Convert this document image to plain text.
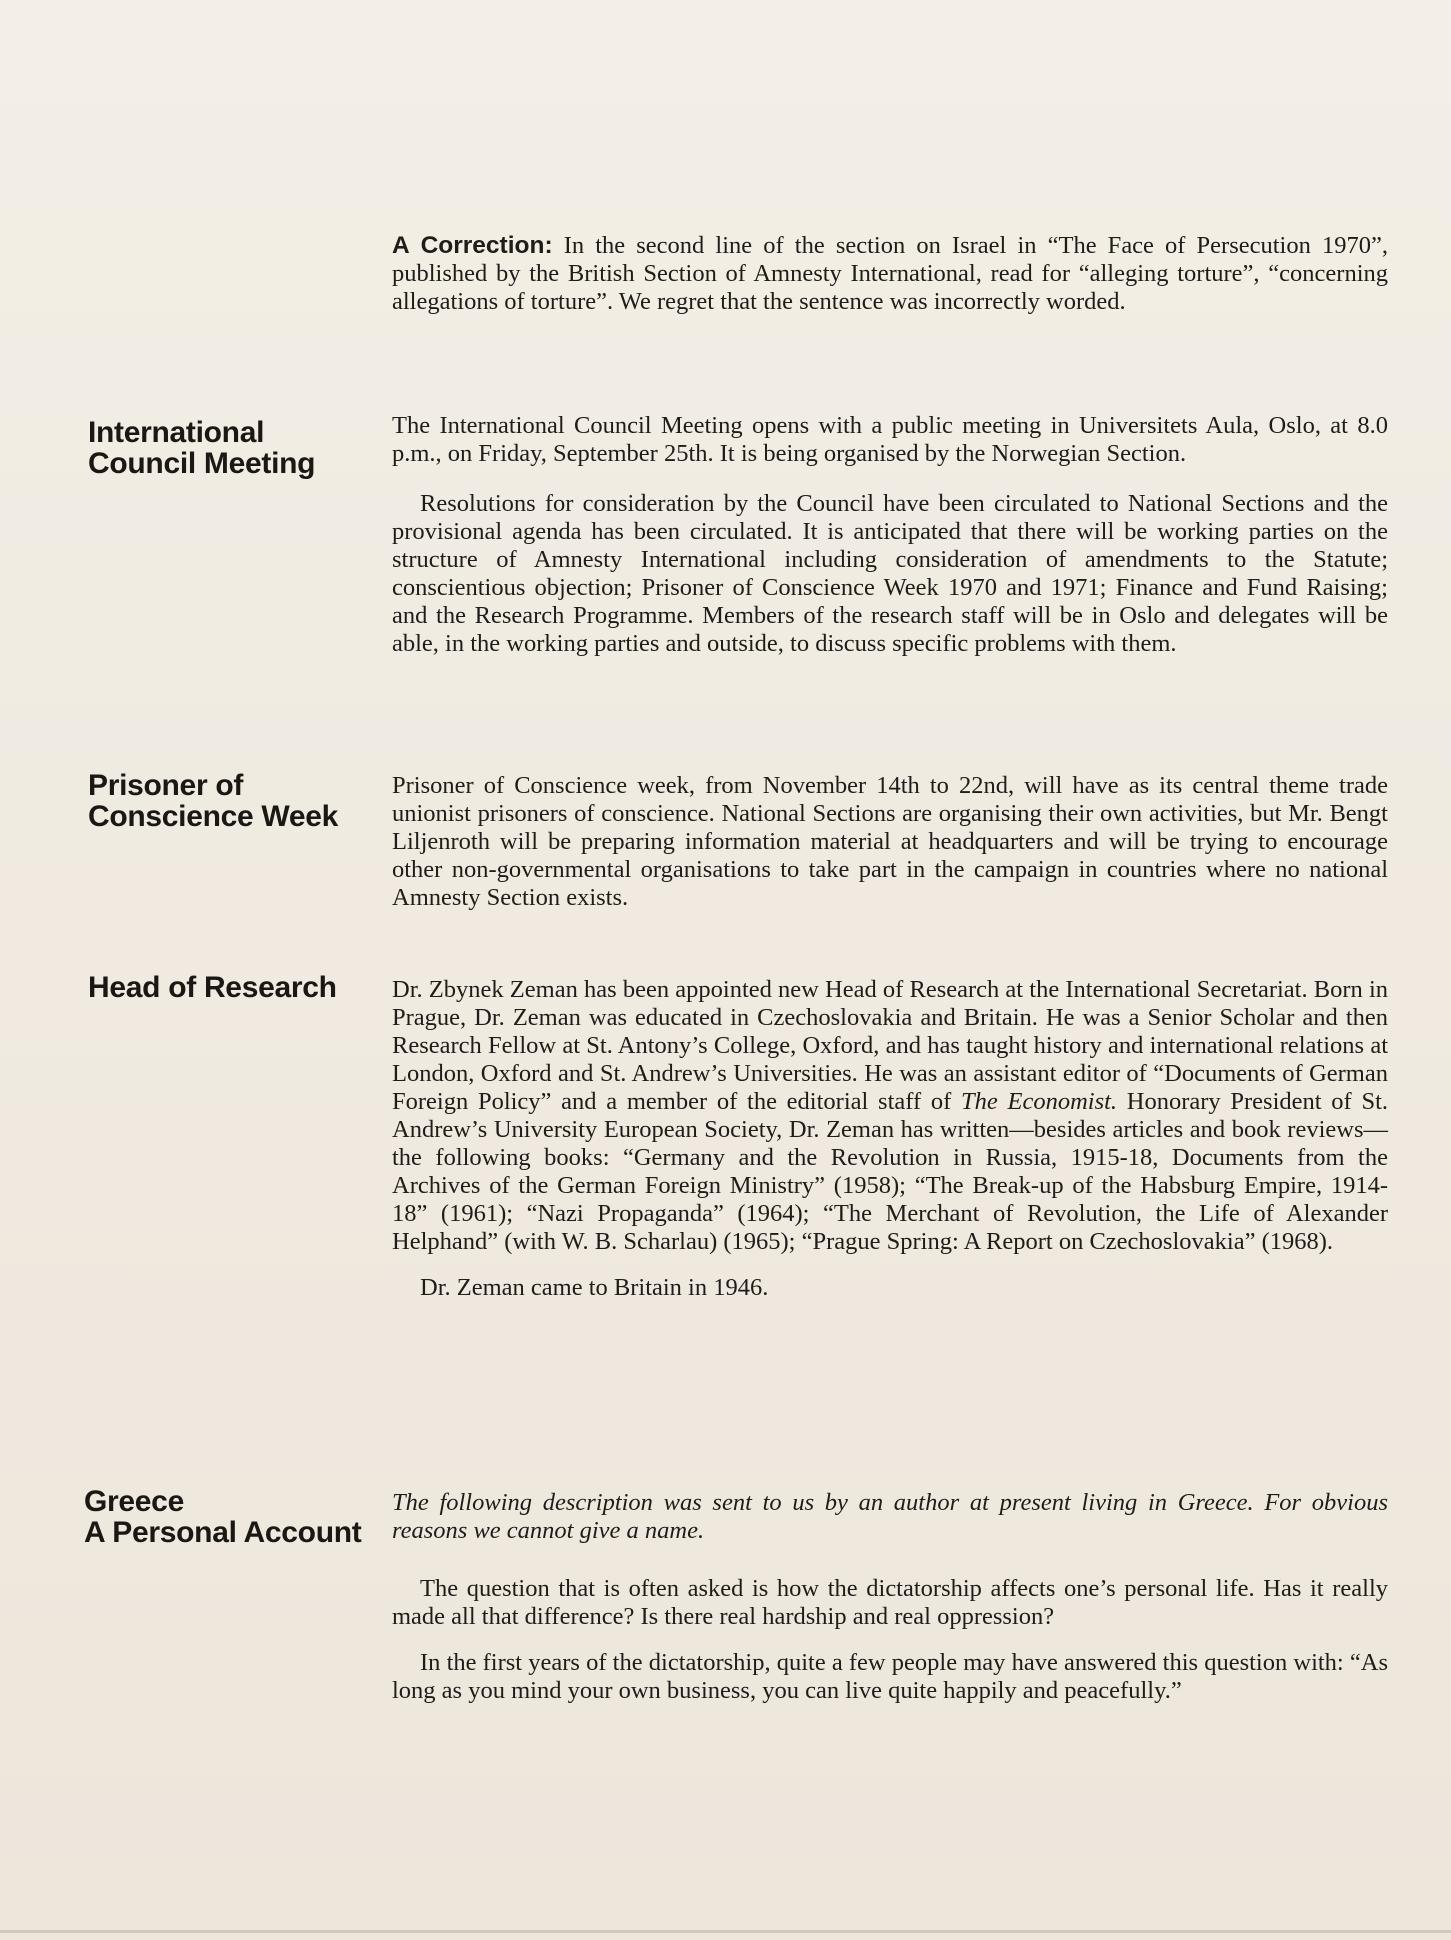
A Correction: In the second line of the section on Israel in “The Face of Persecution 1970”, published by the British Section of Amnesty International, read for “alleging torture”, “concerning allegations of torture”. We regret that the sentence was incorrectly worded.

International
Council Meeting

The International Council Meeting opens with a public meeting in Universitets Aula, Oslo, at 8.0 p.m., on Friday, September 25th. It is being organised by the Norwegian Section.

Resolutions for consideration by the Council have been circulated to National Sections and the provisional agenda has been circulated. It is anticipated that there will be working parties on the structure of Amnesty International including consideration of amendments to the Statute; conscientious objection; Prisoner of Conscience Week 1970 and 1971; Finance and Fund Raising; and the Research Programme. Members of the research staff will be in Oslo and delegates will be able, in the working parties and outside, to discuss specific problems with them.

Prisoner of
Conscience Week

Prisoner of Conscience week, from November 14th to 22nd, will have as its central theme trade unionist prisoners of conscience. National Sections are organising their own activities, but Mr. Bengt Liljenroth will be preparing information material at headquarters and will be trying to encourage other non-governmental organisations to take part in the campaign in countries where no national Amnesty Section exists.

Head of Research	Dr. Zbynek Zeman has been appointed new Head of Research at the International Secretariat. Born in Prague, Dr. Zeman was educated in Czechoslovakia and Britain. He was a Senior Scholar and then Research Fellow at St. Antony’s College, Oxford, and has taught history and international relations at London, Oxford and St. Andrew’s Universities. He was an assistant editor of “Documents of German Foreign Policy” and a member of the editorial staff of The Economist. Honorary President of St. Andrew’s University European Society, Dr. Zeman has written—besides articles and book reviews—the following books: “Germany and the Revolution in Russia, 1915-18, Documents from the Archives of the German Foreign Ministry” (1958); “The Break-up of the Habsburg Empire, 1914-18” (1961); “Nazi Propaganda” (1964); “The Merchant of Revolution, the Life of Alexander Helphand” (with W. B. Scharlau) (1965); “Prague Spring: A Report on Czechoslovakia” (1968).

Dr. Zeman came to Britain in 1946.

Greece
A Personal Account

The following description was sent to us by an author at present living in Greece. For obvious reasons we cannot give a name.

The question that is often asked is how the dictatorship affects one’s personal life. Has it really made all that difference? Is there real hardship and real oppression?

In the first years of the dictatorship, quite a few people may have answered this question with: “As long as you mind your own business, you can live quite happily and peacefully.”
